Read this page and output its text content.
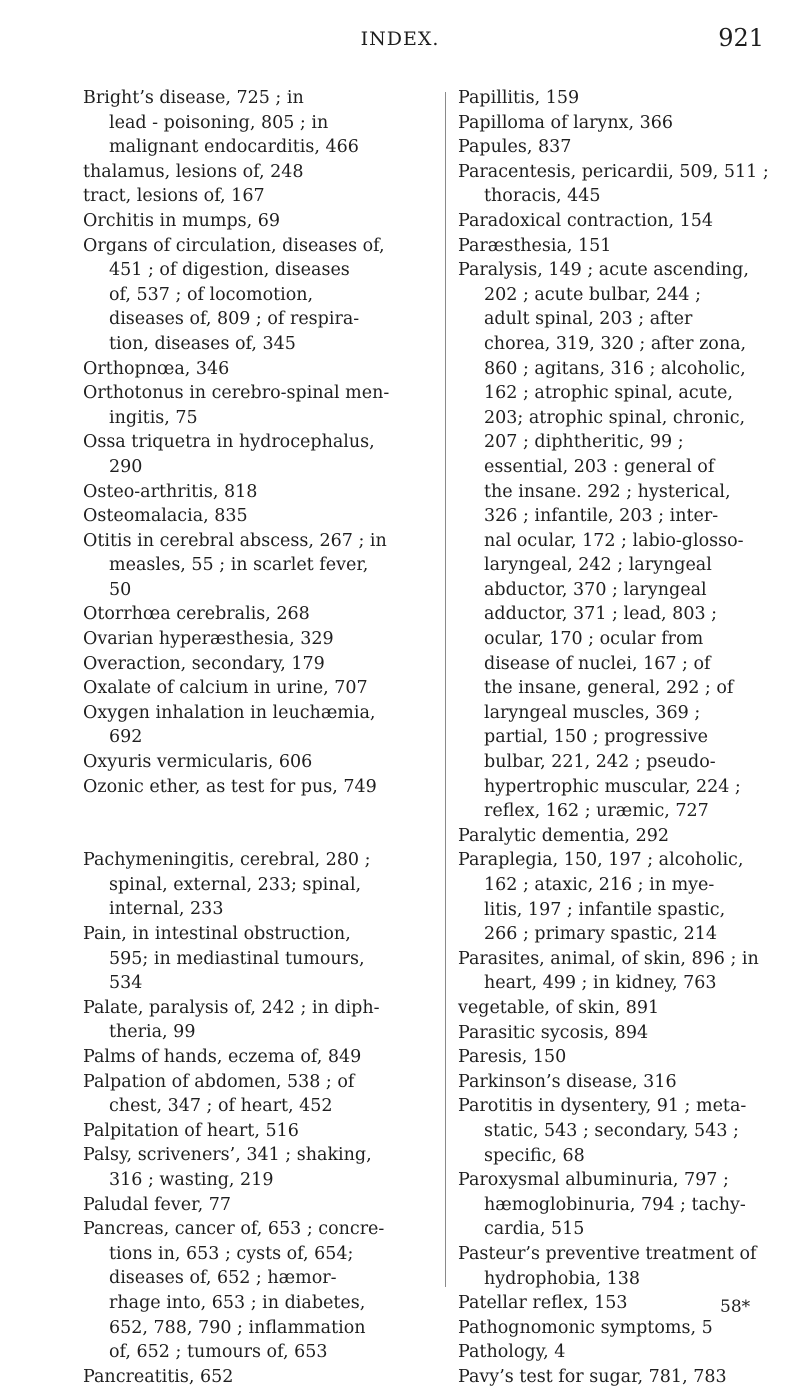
INDEX.	921

Bright’s disease, 725 ; in
lead - poisoning, 805 ; in
malignant endocarditis, 466

thalamus, lesions of, 248

tract, lesions of, 167

Orchitis in mumps, 69

Organs of circulation, diseases of,
451 ; of digestion, diseases
of, 537 ; of locomotion,
diseases of, 809 ; of respira-
tion, diseases of, 345

Orthopnœa, 346

Orthotonus in cerebro-spinal men-
ingitis, 75

Ossa triquetra in hydrocephalus,
290

Osteo-arthritis, 818

Osteomalacia, 835

Otitis in cerebral abscess, 267 ; in
measles, 55 ; in scarlet fever,
50

Otorrhœa cerebralis, 268

Ovarian hyperæsthesia, 329

Overaction, secondary, 179

Oxalate of calcium in urine, 707

Oxygen inhalation in leuchæmia,
692

Oxyuris vermicularis, 606

Ozonic ether, as test for pus, 749

Pachymeningitis, cerebral, 280 ;
spinal, external, 233; spinal,
internal, 233

Pain, in intestinal obstruction,
595; in mediastinal tumours,
534

Palate, paralysis of, 242 ; in diph-
theria, 99

Palms of hands, eczema of, 849

Palpation of abdomen, 538 ; of
chest, 347 ; of heart, 452

Palpitation of heart, 516

Palsy, scriveners’, 341 ; shaking,
316 ; wasting, 219

Paludal fever, 77

Pancreas, cancer of, 653 ; concre-
tions in, 653 ; cysts of, 654;
diseases of, 652 ; hæmor-
rhage into, 653 ; in diabetes,
652, 788, 790 ; inflammation
of, 652 ; tumours of, 653

Pancreatitis, 652

Papillitis, 159

Papilloma of larynx, 366

Papules, 837

Paracentesis, pericardii, 509, 511 ;
thoracis, 445

Paradoxical contraction, 154

Paræsthesia, 151

Paralysis, 149 ; acute ascending,
202 ; acute bulbar, 244 ;
adult spinal, 203 ; after
chorea, 319, 320 ; after zona,
860 ; agitans, 316 ; alcoholic,
162 ; atrophic spinal, acute,
203; atrophic spinal, chronic,
207 ; diphtheritic, 99 ;
essential, 203 : general of
the insane. 292 ; hysterical,
326 ; infantile, 203 ; inter-
nal ocular, 172 ; labio-glosso-
laryngeal, 242 ; laryngeal
abductor, 370 ; laryngeal
adductor, 371 ; lead, 803 ;
ocular, 170 ; ocular from
disease of nuclei, 167 ; of
the insane, general, 292 ; of
laryngeal muscles, 369 ;
partial, 150 ; progressive
bulbar, 221, 242 ; pseudo-
hypertrophic muscular, 224 ;
reflex, 162 ; uræmic, 727

Paralytic dementia, 292

Paraplegia, 150, 197 ; alcoholic,
162 ; ataxic, 216 ; in mye-
litis, 197 ; infantile spastic,
266 ; primary spastic, 214

Parasites, animal, of skin, 896 ; in
heart, 499 ; in kidney, 763

vegetable, of skin, 891

Parasitic sycosis, 894

Paresis, 150

Parkinson’s disease, 316

Parotitis in dysentery, 91 ; meta-
static, 543 ; secondary, 543 ;
specific, 68

Paroxysmal albuminuria, 797 ;
hæmoglobinuria, 794 ; tachy-
cardia, 515

Pasteur’s preventive treatment of
hydrophobia, 138

Patellar reflex, 153

Pathognomonic symptoms, 5

Pathology, 4

Pavy’s test for sugar, 781, 783

58*
